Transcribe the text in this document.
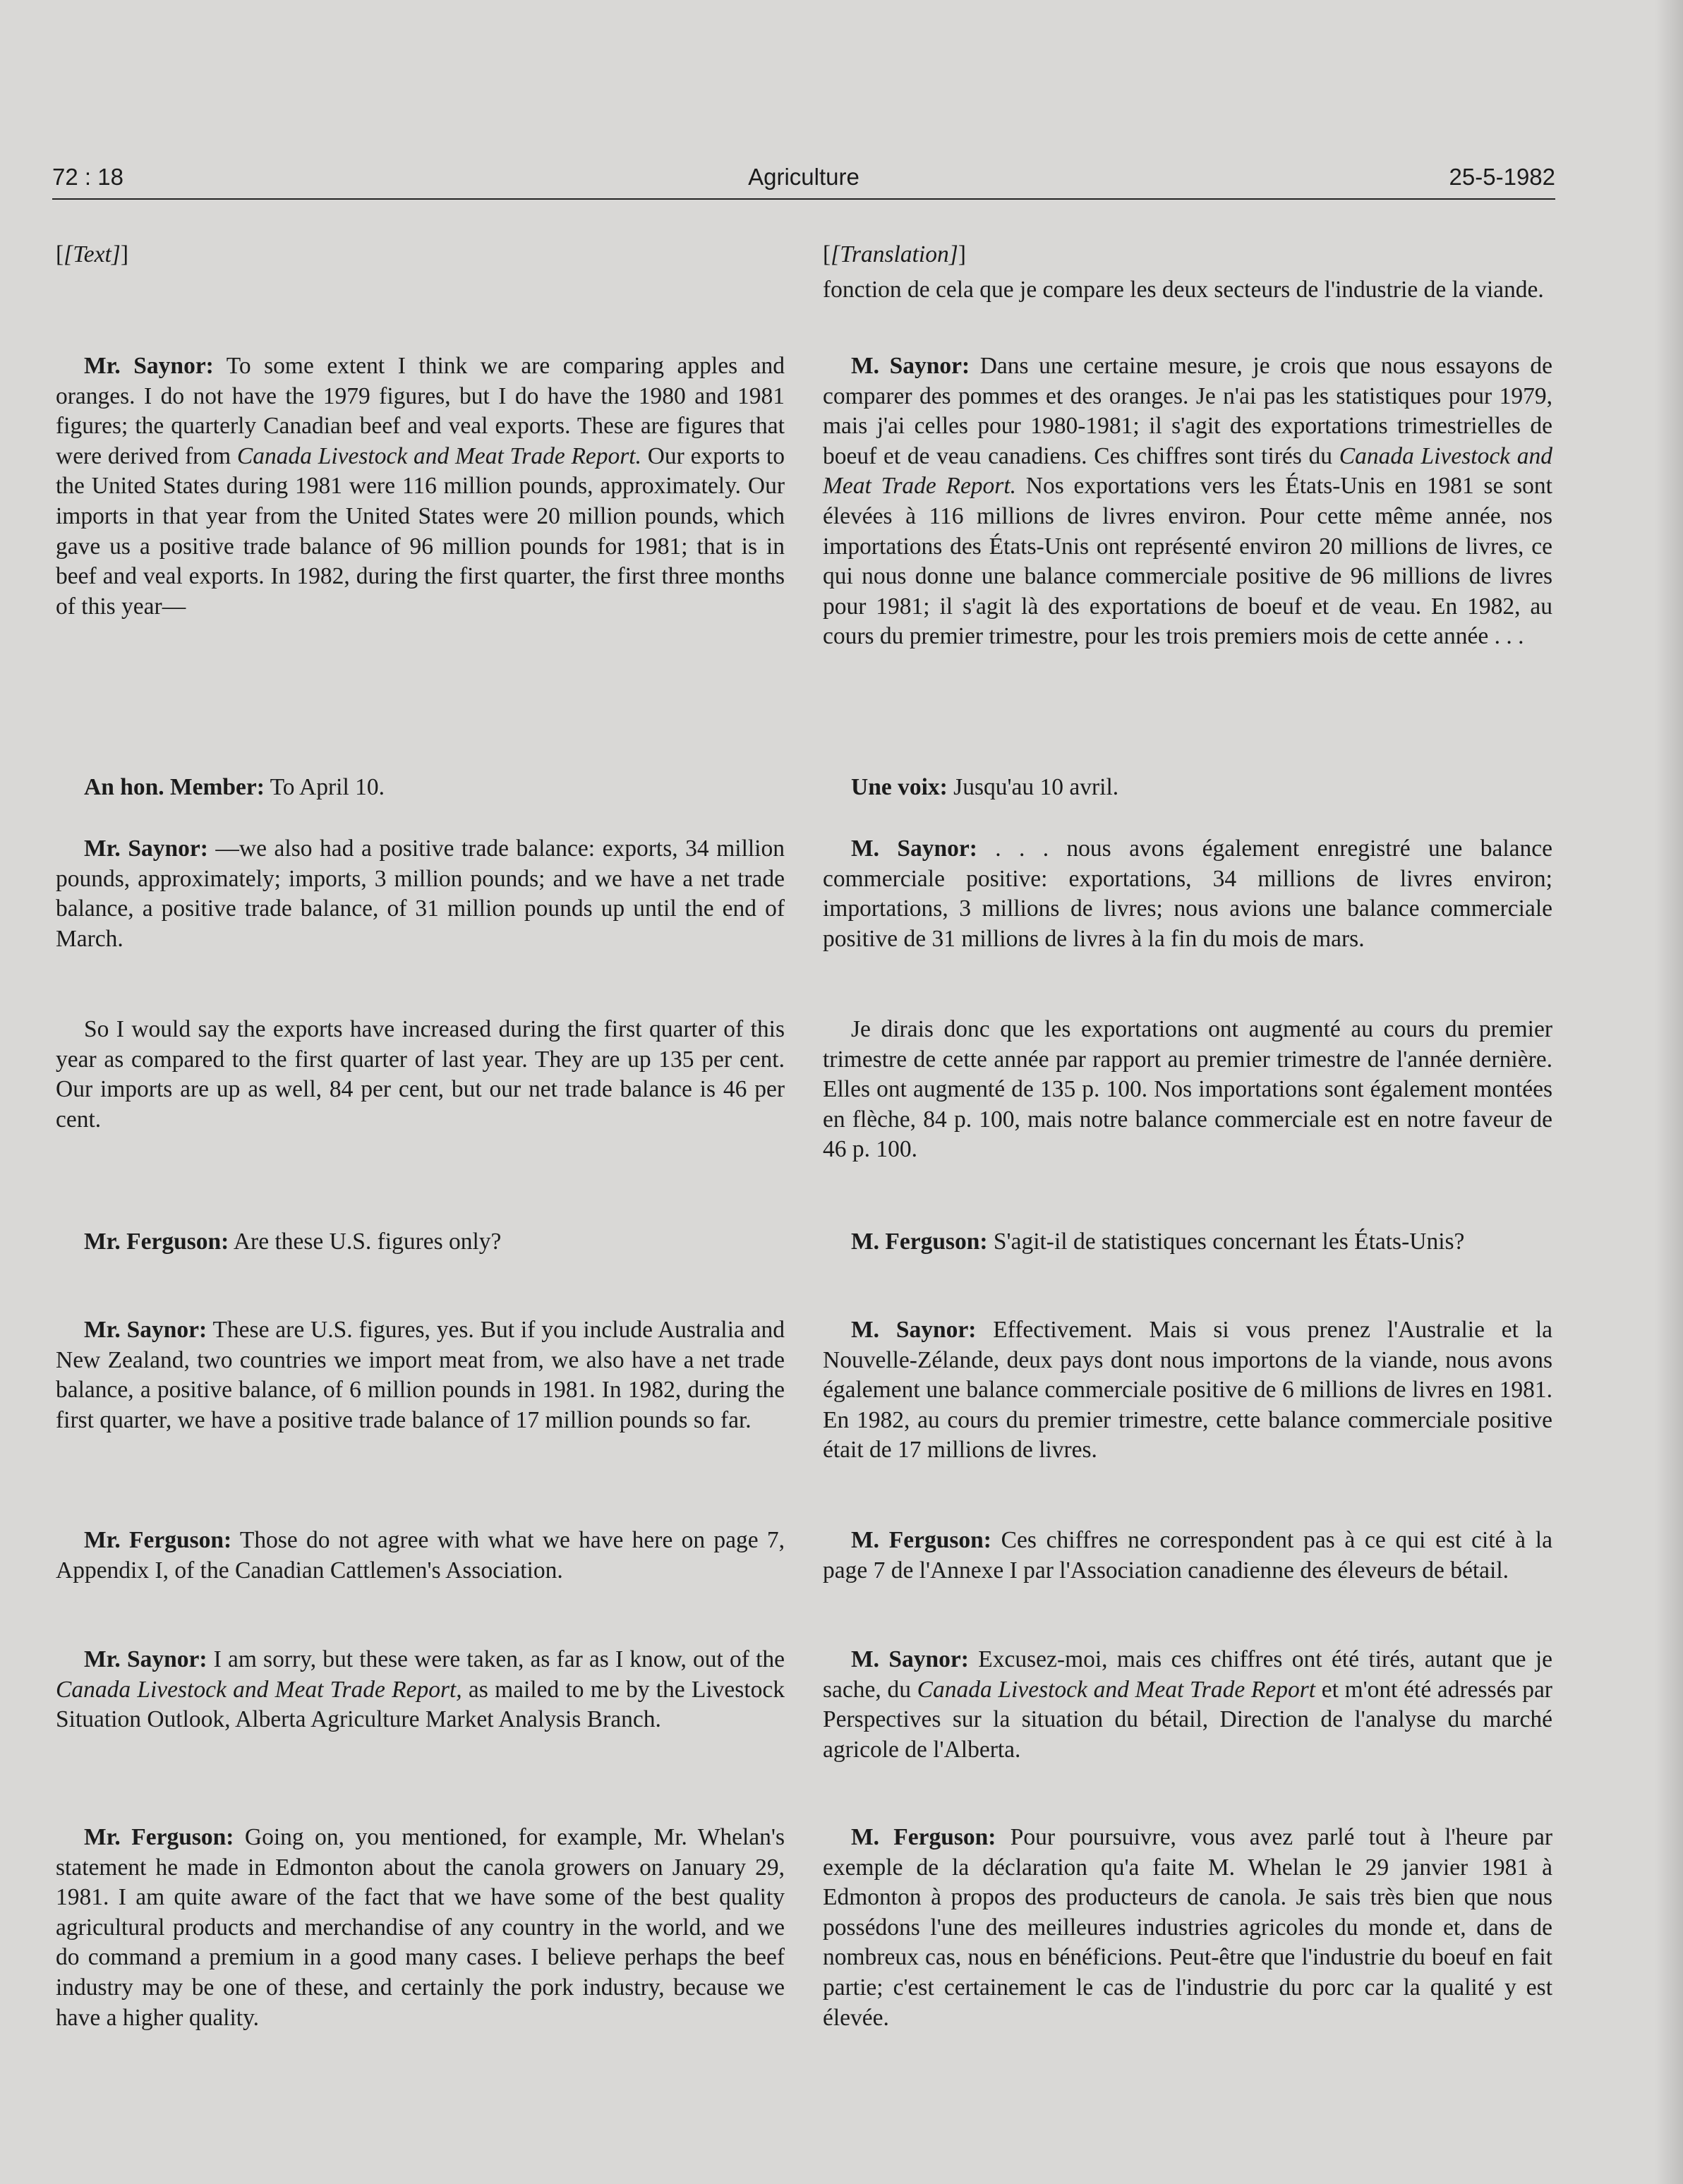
72 : 18	Agriculture	25-5-1982

[[Text]]

Mr. Saynor: To some extent I think we are comparing apples and oranges. I do not have the 1979 figures, but I do have the 1980 and 1981 figures; the quarterly Canadian beef and veal exports. These are figures that were derived from Canada Livestock and Meat Trade Report. Our exports to the United States during 1981 were 116 million pounds, approximately. Our imports in that year from the United States were 20 million pounds, which gave us a positive trade balance of 96 million pounds for 1981; that is in beef and veal exports. In 1982, during the first quarter, the first three months of this year—

An hon. Member: To April 10.

Mr. Saynor: —we also had a positive trade balance: exports, 34 million pounds, approximately; imports, 3 million pounds; and we have a net trade balance, a positive trade balance, of 31 million pounds up until the end of March.

So I would say the exports have increased during the first quarter of this year as compared to the first quarter of last year. They are up 135 per cent. Our imports are up as well, 84 per cent, but our net trade balance is 46 per cent.

Mr. Ferguson: Are these U.S. figures only?

Mr. Saynor: These are U.S. figures, yes. But if you include Australia and New Zealand, two countries we import meat from, we also have a net trade balance, a positive balance, of 6 million pounds in 1981. In 1982, during the first quarter, we have a positive trade balance of 17 million pounds so far.

Mr. Ferguson: Those do not agree with what we have here on page 7, Appendix I, of the Canadian Cattlemen's Association.

Mr. Saynor: I am sorry, but these were taken, as far as I know, out of the Canada Livestock and Meat Trade Report, as mailed to me by the Livestock Situation Outlook, Alberta Agriculture Market Analysis Branch.

Mr. Ferguson: Going on, you mentioned, for example, Mr. Whelan's statement he made in Edmonton about the canola growers on January 29, 1981. I am quite aware of the fact that we have some of the best quality agricultural products and merchandise of any country in the world, and we do command a premium in a good many cases. I believe perhaps the beef industry may be one of these, and certainly the pork industry, because we have a higher quality.

[[Translation]]

fonction de cela que je compare les deux secteurs de l'industrie de la viande.

M. Saynor: Dans une certaine mesure, je crois que nous essayons de comparer des pommes et des oranges. Je n'ai pas les statistiques pour 1979, mais j'ai celles pour 1980-1981; il s'agit des exportations trimestrielles de boeuf et de veau canadiens. Ces chiffres sont tirés du Canada Livestock and Meat Trade Report. Nos exportations vers les États-Unis en 1981 se sont élevées à 116 millions de livres environ. Pour cette même année, nos importations des États-Unis ont représenté environ 20 millions de livres, ce qui nous donne une balance commerciale positive de 96 millions de livres pour 1981; il s'agit là des exportations de boeuf et de veau. En 1982, au cours du premier trimestre, pour les trois premiers mois de cette année . . .

Une voix: Jusqu'au 10 avril.

M. Saynor: . . . nous avons également enregistré une balance commerciale positive: exportations, 34 millions de livres environ; importations, 3 millions de livres; nous avions une balance commerciale positive de 31 millions de livres à la fin du mois de mars.

Je dirais donc que les exportations ont augmenté au cours du premier trimestre de cette année par rapport au premier trimestre de l'année dernière. Elles ont augmenté de 135 p. 100. Nos importations sont également montées en flèche, 84 p. 100, mais notre balance commerciale est en notre faveur de 46 p. 100.

M. Ferguson: S'agit-il de statistiques concernant les États-Unis?

M. Saynor: Effectivement. Mais si vous prenez l'Australie et la Nouvelle-Zélande, deux pays dont nous importons de la viande, nous avons également une balance commerciale positive de 6 millions de livres en 1981. En 1982, au cours du premier trimestre, cette balance commerciale positive était de 17 millions de livres.

M. Ferguson: Ces chiffres ne correspondent pas à ce qui est cité à la page 7 de l'Annexe I par l'Association canadienne des éleveurs de bétail.

M. Saynor: Excusez-moi, mais ces chiffres ont été tirés, autant que je sache, du Canada Livestock and Meat Trade Report et m'ont été adressés par Perspectives sur la situation du bétail, Direction de l'analyse du marché agricole de l'Alberta.

M. Ferguson: Pour poursuivre, vous avez parlé tout à l'heure par exemple de la déclaration qu'a faite M. Whelan le 29 janvier 1981 à Edmonton à propos des producteurs de canola. Je sais très bien que nous possédons l'une des meilleures industries agricoles du monde et, dans de nombreux cas, nous en bénéficions. Peut-être que l'industrie du boeuf en fait partie; c'est certainement le cas de l'industrie du porc car la qualité y est élevée.
